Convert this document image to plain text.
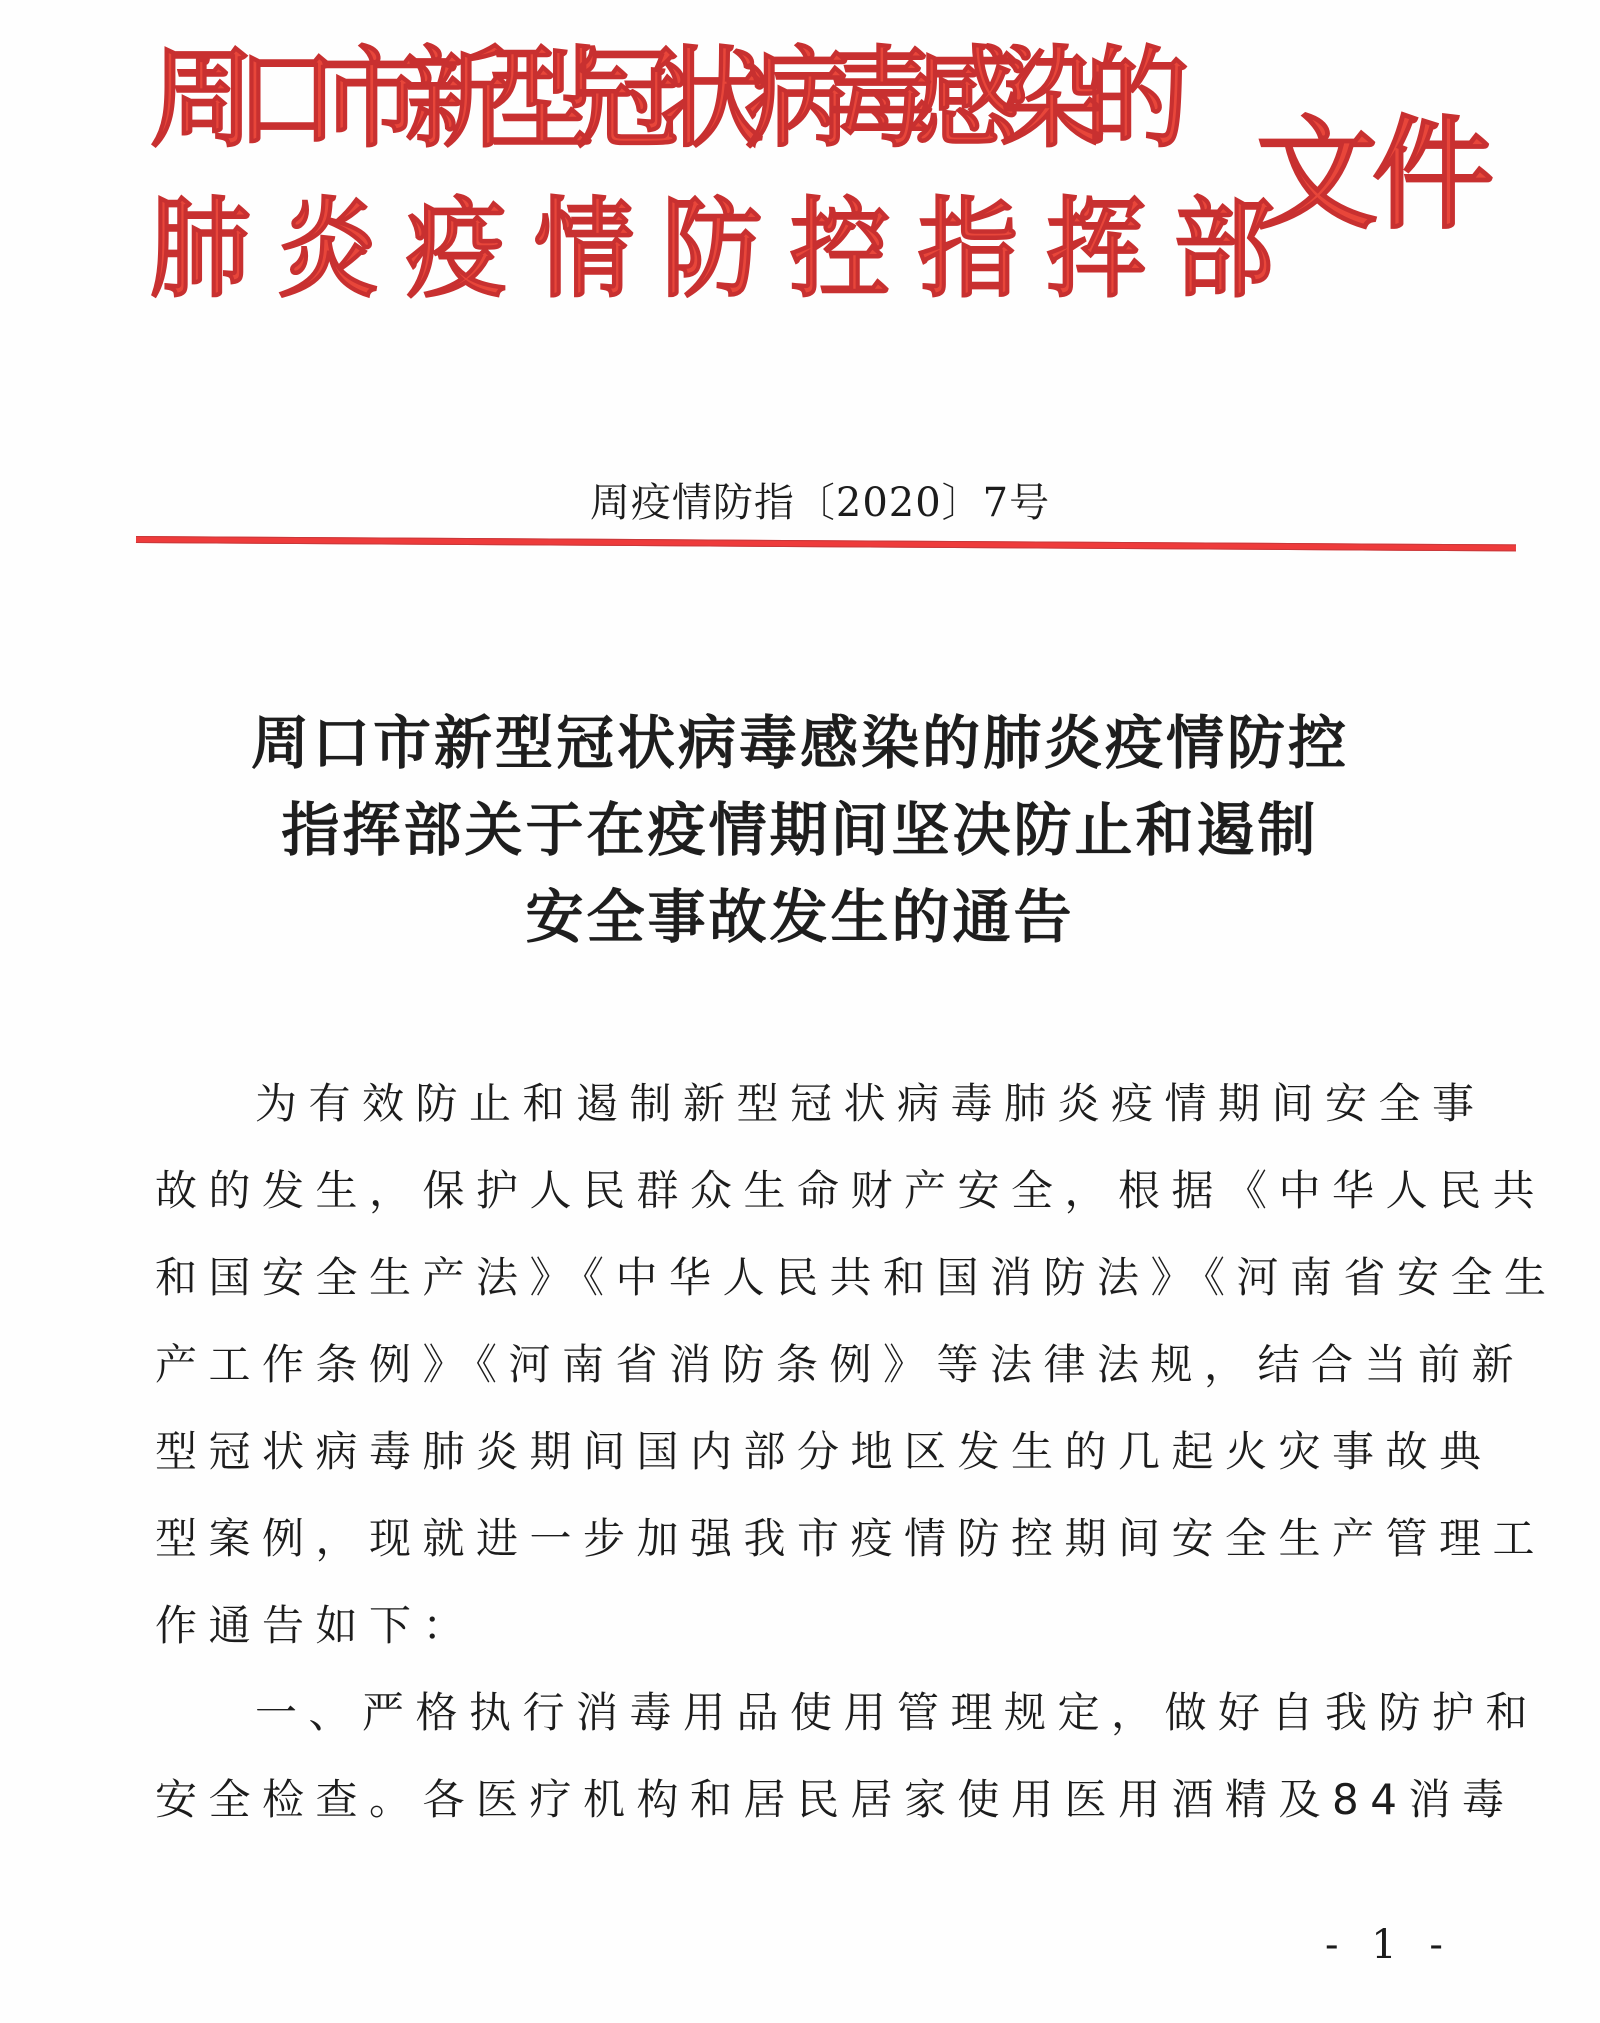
周口市新型冠状病毒感染的
肺炎疫情防控指挥部
文件
周疫情防指〔2020〕7号
周口市新型冠状病毒感染的肺炎疫情防控
指挥部关于在疫情期间坚决防止和遏制
安全事故发生的通告
为有效防止和遏制新型冠状病毒肺炎疫情期间安全事
故的发生，保护人民群众生命财产安全，根据《中华人民共
和国安全生产法》《中华人民共和国消防法》《河南省安全生
产工作条例》《河南省消防条例》等法律法规，结合当前新
型冠状病毒肺炎期间国内部分地区发生的几起火灾事故典
型案例，现就进一步加强我市疫情防控期间安全生产管理工
作通告如下：
一、严格执行消毒用品使用管理规定，做好自我防护和
安全检查。各医疗机构和居民居家使用医用酒精及84消毒
- 1 -
